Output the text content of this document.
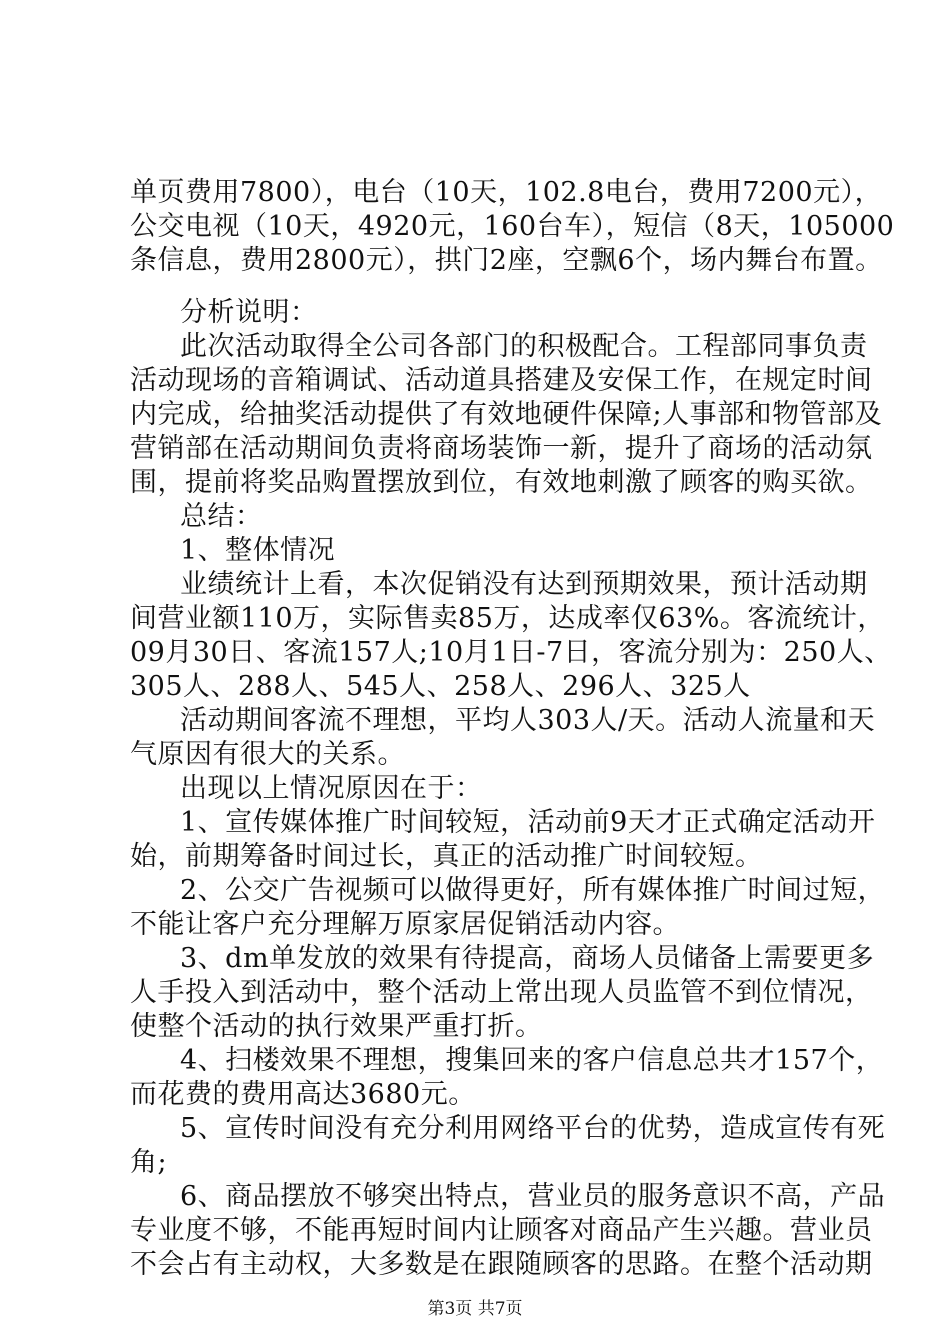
单页费用7800），电台（10天，102.8电台，费用7200元），
公交电视（10天，4920元，160台车），短信（8天，105000
条信息，费用2800元），拱门2座，空飘6个，场内舞台布置。
分析说明：
此次活动取得全公司各部门的积极配合。工程部同事负责
活动现场的音箱调试、活动道具搭建及安保工作，在规定时间
内完成，给抽奖活动提供了有效地硬件保障;人事部和物管部及
营销部在活动期间负责将商场装饰一新，提升了商场的活动氛
围，提前将奖品购置摆放到位，有效地刺激了顾客的购买欲。
总结：
1、整体情况
业绩统计上看，本次促销没有达到预期效果，预计活动期
间营业额110万，实际售卖85万，达成率仅63%。客流统计，
09月30日、客流157人;10月1日-7日，客流分别为：250人、
305人、288人、545人、258人、296人、325人
活动期间客流不理想，平均人303人/天。活动人流量和天
气原因有很大的关系。
出现以上情况原因在于：
1、宣传媒体推广时间较短，活动前9天才正式确定活动开
始，前期筹备时间过长，真正的活动推广时间较短。
2、公交广告视频可以做得更好，所有媒体推广时间过短，
不能让客户充分理解万原家居促销活动内容。
3、dm单发放的效果有待提高，商场人员储备上需要更多
人手投入到活动中，整个活动上常出现人员监管不到位情况，
使整个活动的执行效果严重打折。
4、扫楼效果不理想，搜集回来的客户信息总共才157个，
而花费的费用高达3680元。
5、宣传时间没有充分利用网络平台的优势，造成宣传有死
角;
6、商品摆放不够突出特点，营业员的服务意识不高，产品
专业度不够，不能再短时间内让顾客对商品产生兴趣。营业员
不会占有主动权，大多数是在跟随顾客的思路。在整个活动期
第3页 共7页
